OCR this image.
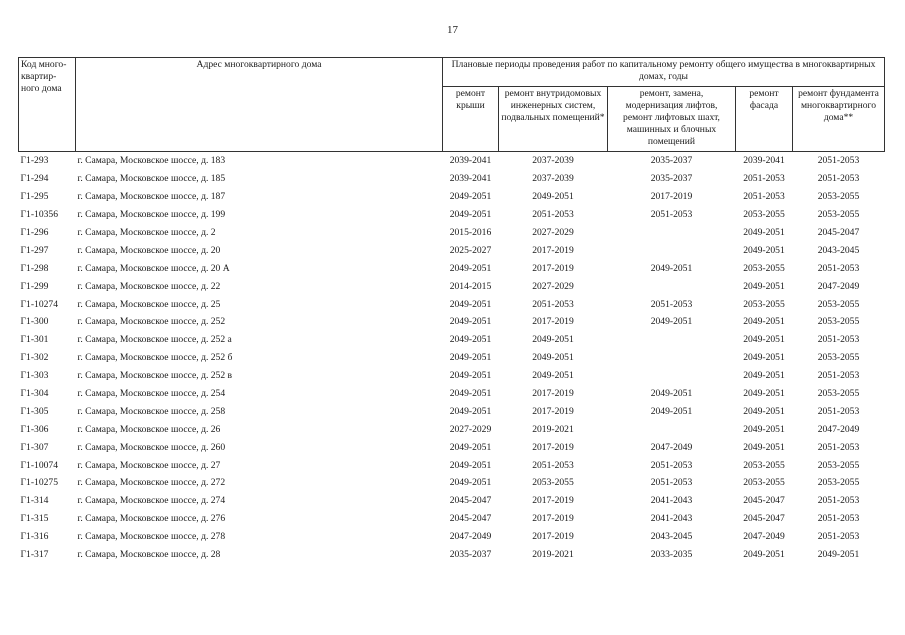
17
Код много-квартир-ного дома	Адрес многоквартирного дома	Плановые периоды проведения работ по капитальному ремонту общего имущества в многоквартирных домах, годы				
		ремонт крыши	ремонт внутридомовых инженерных систем, подвальных помещений*	ремонт, замена, модернизация лифтов, ремонт лифтовых шахт, машинных и блочных помещений	ремонт фасада	ремонт фундамента многоквартирного дома**
Г1-293	г. Самара, Московское шоссе, д. 183	2039-2041	2037-2039	2035-2037	2039-2041	2051-2053
Г1-294	г. Самара, Московское шоссе, д. 185	2039-2041	2037-2039	2035-2037	2051-2053	2051-2053
Г1-295	г. Самара, Московское шоссе, д. 187	2049-2051	2049-2051	2017-2019	2051-2053	2053-2055
Г1-10356	г. Самара, Московское шоссе, д. 199	2049-2051	2051-2053	2051-2053	2053-2055	2053-2055
Г1-296	г. Самара, Московское шоссе, д. 2	2015-2016	2027-2029		2049-2051	2045-2047
Г1-297	г. Самара, Московское шоссе, д. 20	2025-2027	2017-2019		2049-2051	2043-2045
Г1-298	г. Самара, Московское шоссе, д. 20 А	2049-2051	2017-2019	2049-2051	2053-2055	2051-2053
Г1-299	г. Самара, Московское шоссе, д. 22	2014-2015	2027-2029		2049-2051	2047-2049
Г1-10274	г. Самара, Московское шоссе, д. 25	2049-2051	2051-2053	2051-2053	2053-2055	2053-2055
Г1-300	г. Самара, Московское шоссе, д. 252	2049-2051	2017-2019	2049-2051	2049-2051	2053-2055
Г1-301	г. Самара, Московское шоссе, д. 252 а	2049-2051	2049-2051		2049-2051	2051-2053
Г1-302	г. Самара, Московское шоссе, д. 252 б	2049-2051	2049-2051		2049-2051	2053-2055
Г1-303	г. Самара, Московское шоссе, д. 252 в	2049-2051	2049-2051		2049-2051	2051-2053
Г1-304	г. Самара, Московское шоссе, д. 254	2049-2051	2017-2019	2049-2051	2049-2051	2053-2055
Г1-305	г. Самара, Московское шоссе, д. 258	2049-2051	2017-2019	2049-2051	2049-2051	2051-2053
Г1-306	г. Самара, Московское шоссе, д. 26	2027-2029	2019-2021		2049-2051	2047-2049
Г1-307	г. Самара, Московское шоссе, д. 260	2049-2051	2017-2019	2047-2049	2049-2051	2051-2053
Г1-10074	г. Самара, Московское шоссе, д. 27	2049-2051	2051-2053	2051-2053	2053-2055	2053-2055
Г1-10275	г. Самара, Московское шоссе, д. 272	2049-2051	2053-2055	2051-2053	2053-2055	2053-2055
Г1-314	г. Самара, Московское шоссе, д. 274	2045-2047	2017-2019	2041-2043	2045-2047	2051-2053
Г1-315	г. Самара, Московское шоссе, д. 276	2045-2047	2017-2019	2041-2043	2045-2047	2051-2053
Г1-316	г. Самара, Московское шоссе, д. 278	2047-2049	2017-2019	2043-2045	2047-2049	2051-2053
Г1-317	г. Самара, Московское шоссе, д. 28	2035-2037	2019-2021	2033-2035	2049-2051	2049-2051
